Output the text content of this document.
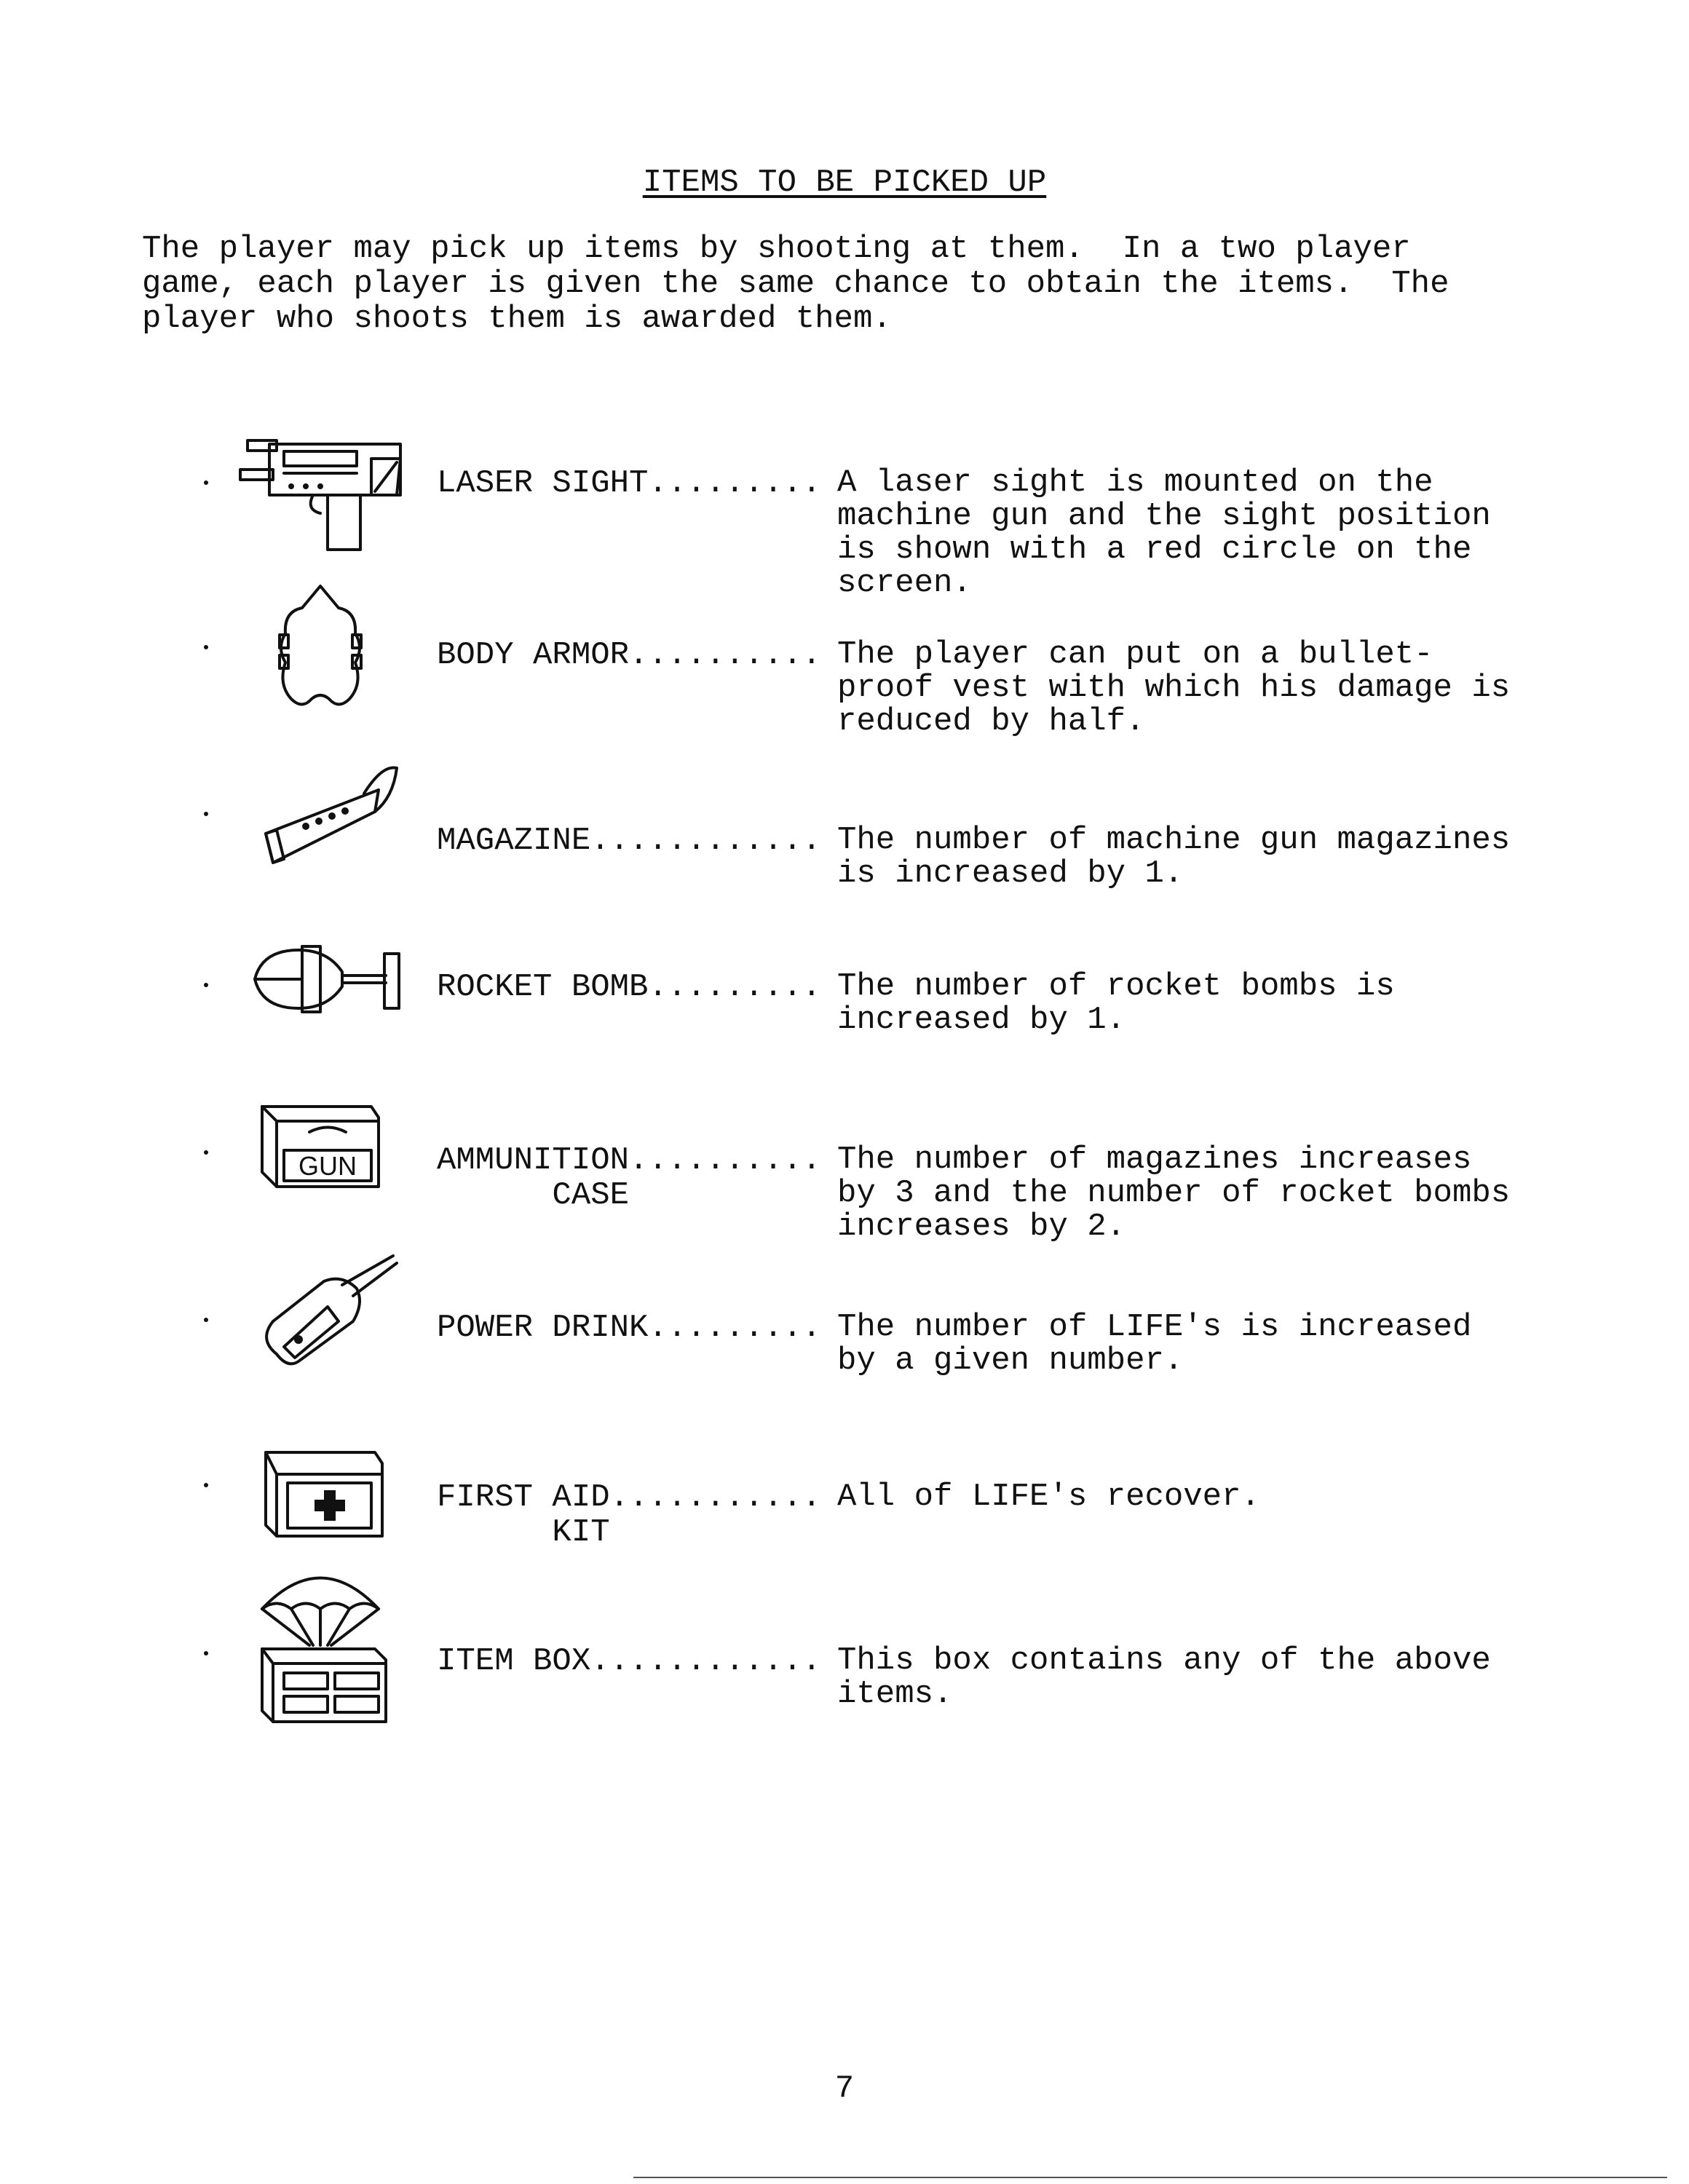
ITEMS TO BE PICKED UP
The player may pick up items by shooting at them.  In a two player
game, each player is given the same chance to obtain the items.  The
player who shoots them is awarded them.
LASER SIGHT......... A laser sight is mounted on the
machine gun and the sight position
is shown with a red circle on the
screen.
BODY ARMOR.......... The player can put on a bullet-
proof vest with which his damage is
reduced by half.
MAGAZINE............ The number of machine gun magazines
is increased by 1.
ROCKET BOMB......... The number of rocket bombs is
increased by 1.
GUN	AMMUNITION..........
CASE
The number of magazines increases
by 3 and the number of rocket bombs
increases by 2.
POWER DRINK......... The number of LIFE's is increased
by a given number.
FIRST AID...........
KIT
All of LIFE's recover.
ITEM BOX............ This box contains any of the above
items.
7
